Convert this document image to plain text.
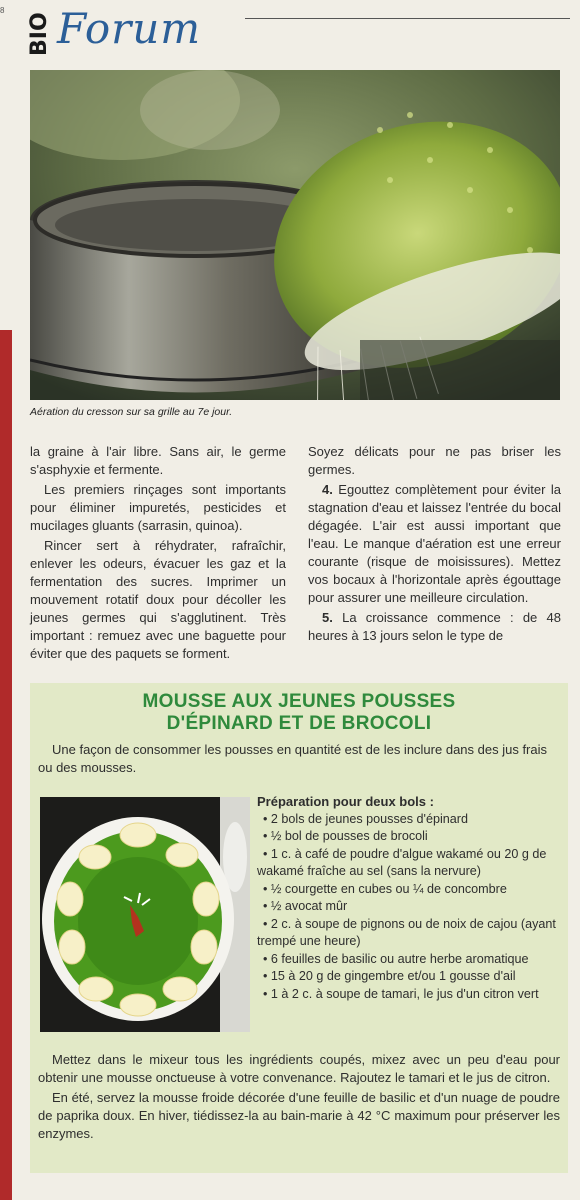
8
BIO Forum
Aération du cresson sur sa grille au 7e jour.

la graine à l'air libre. Sans air, le germe s'asphyxie et fermente.

Les premiers rinçages sont importants pour éliminer impuretés, pesticides et mucilages gluants (sarrasin, quinoa).

Rincer sert à réhydrater, rafraîchir, enlever les odeurs, évacuer les gaz et la fermentation des sucres. Imprimer un mouvement rotatif doux pour décoller les jeunes germes qui s'agglutinent. Très important : remuez avec une baguette pour éviter que des paquets se forment.

Soyez délicats pour ne pas briser les germes.

4. Egouttez complètement pour éviter la stagnation d'eau et laissez l'entrée du bocal dégagée. L'air est aussi important que l'eau. Le manque d'aération est une erreur courante (risque de moisissures). Mettez vos bocaux à l'horizontale après égouttage pour assurer une meilleure circulation.

5. La croissance commence : de 48 heures à 13 jours selon le type de

MOUSSE AUX JEUNES POUSSES
D'ÉPINARD ET DE BROCOLI
Une façon de consommer les pousses en quantité est de les inclure dans des jus frais ou des mousses.
Préparation pour deux bols :
• 2 bols de jeunes pousses d'épinard
• ½ bol de pousses de brocoli
• 1 c. à café de poudre d'algue wakamé ou 20 g de wakamé fraîche au sel (sans la nervure)
• ½ courgette en cubes ou ¼ de concombre
• ½ avocat mûr
• 2 c. à soupe de pignons ou de noix de cajou (ayant trempé une heure)
• 6 feuilles de basilic ou autre herbe aromatique
• 15 à 20 g de gingembre et/ou 1 gousse d'ail
• 1 à 2 c. à soupe de tamari, le jus d'un citron vert

Mettez dans le mixeur tous les ingrédients coupés, mixez avec un peu d'eau pour obtenir une mousse onctueuse à votre convenance. Rajoutez le tamari et le jus de citron.

En été, servez la mousse froide décorée d'une feuille de basilic et d'un nuage de poudre de paprika doux. En hiver, tiédissez-la au bain-marie à 42 °C maximum pour préserver les enzymes.
